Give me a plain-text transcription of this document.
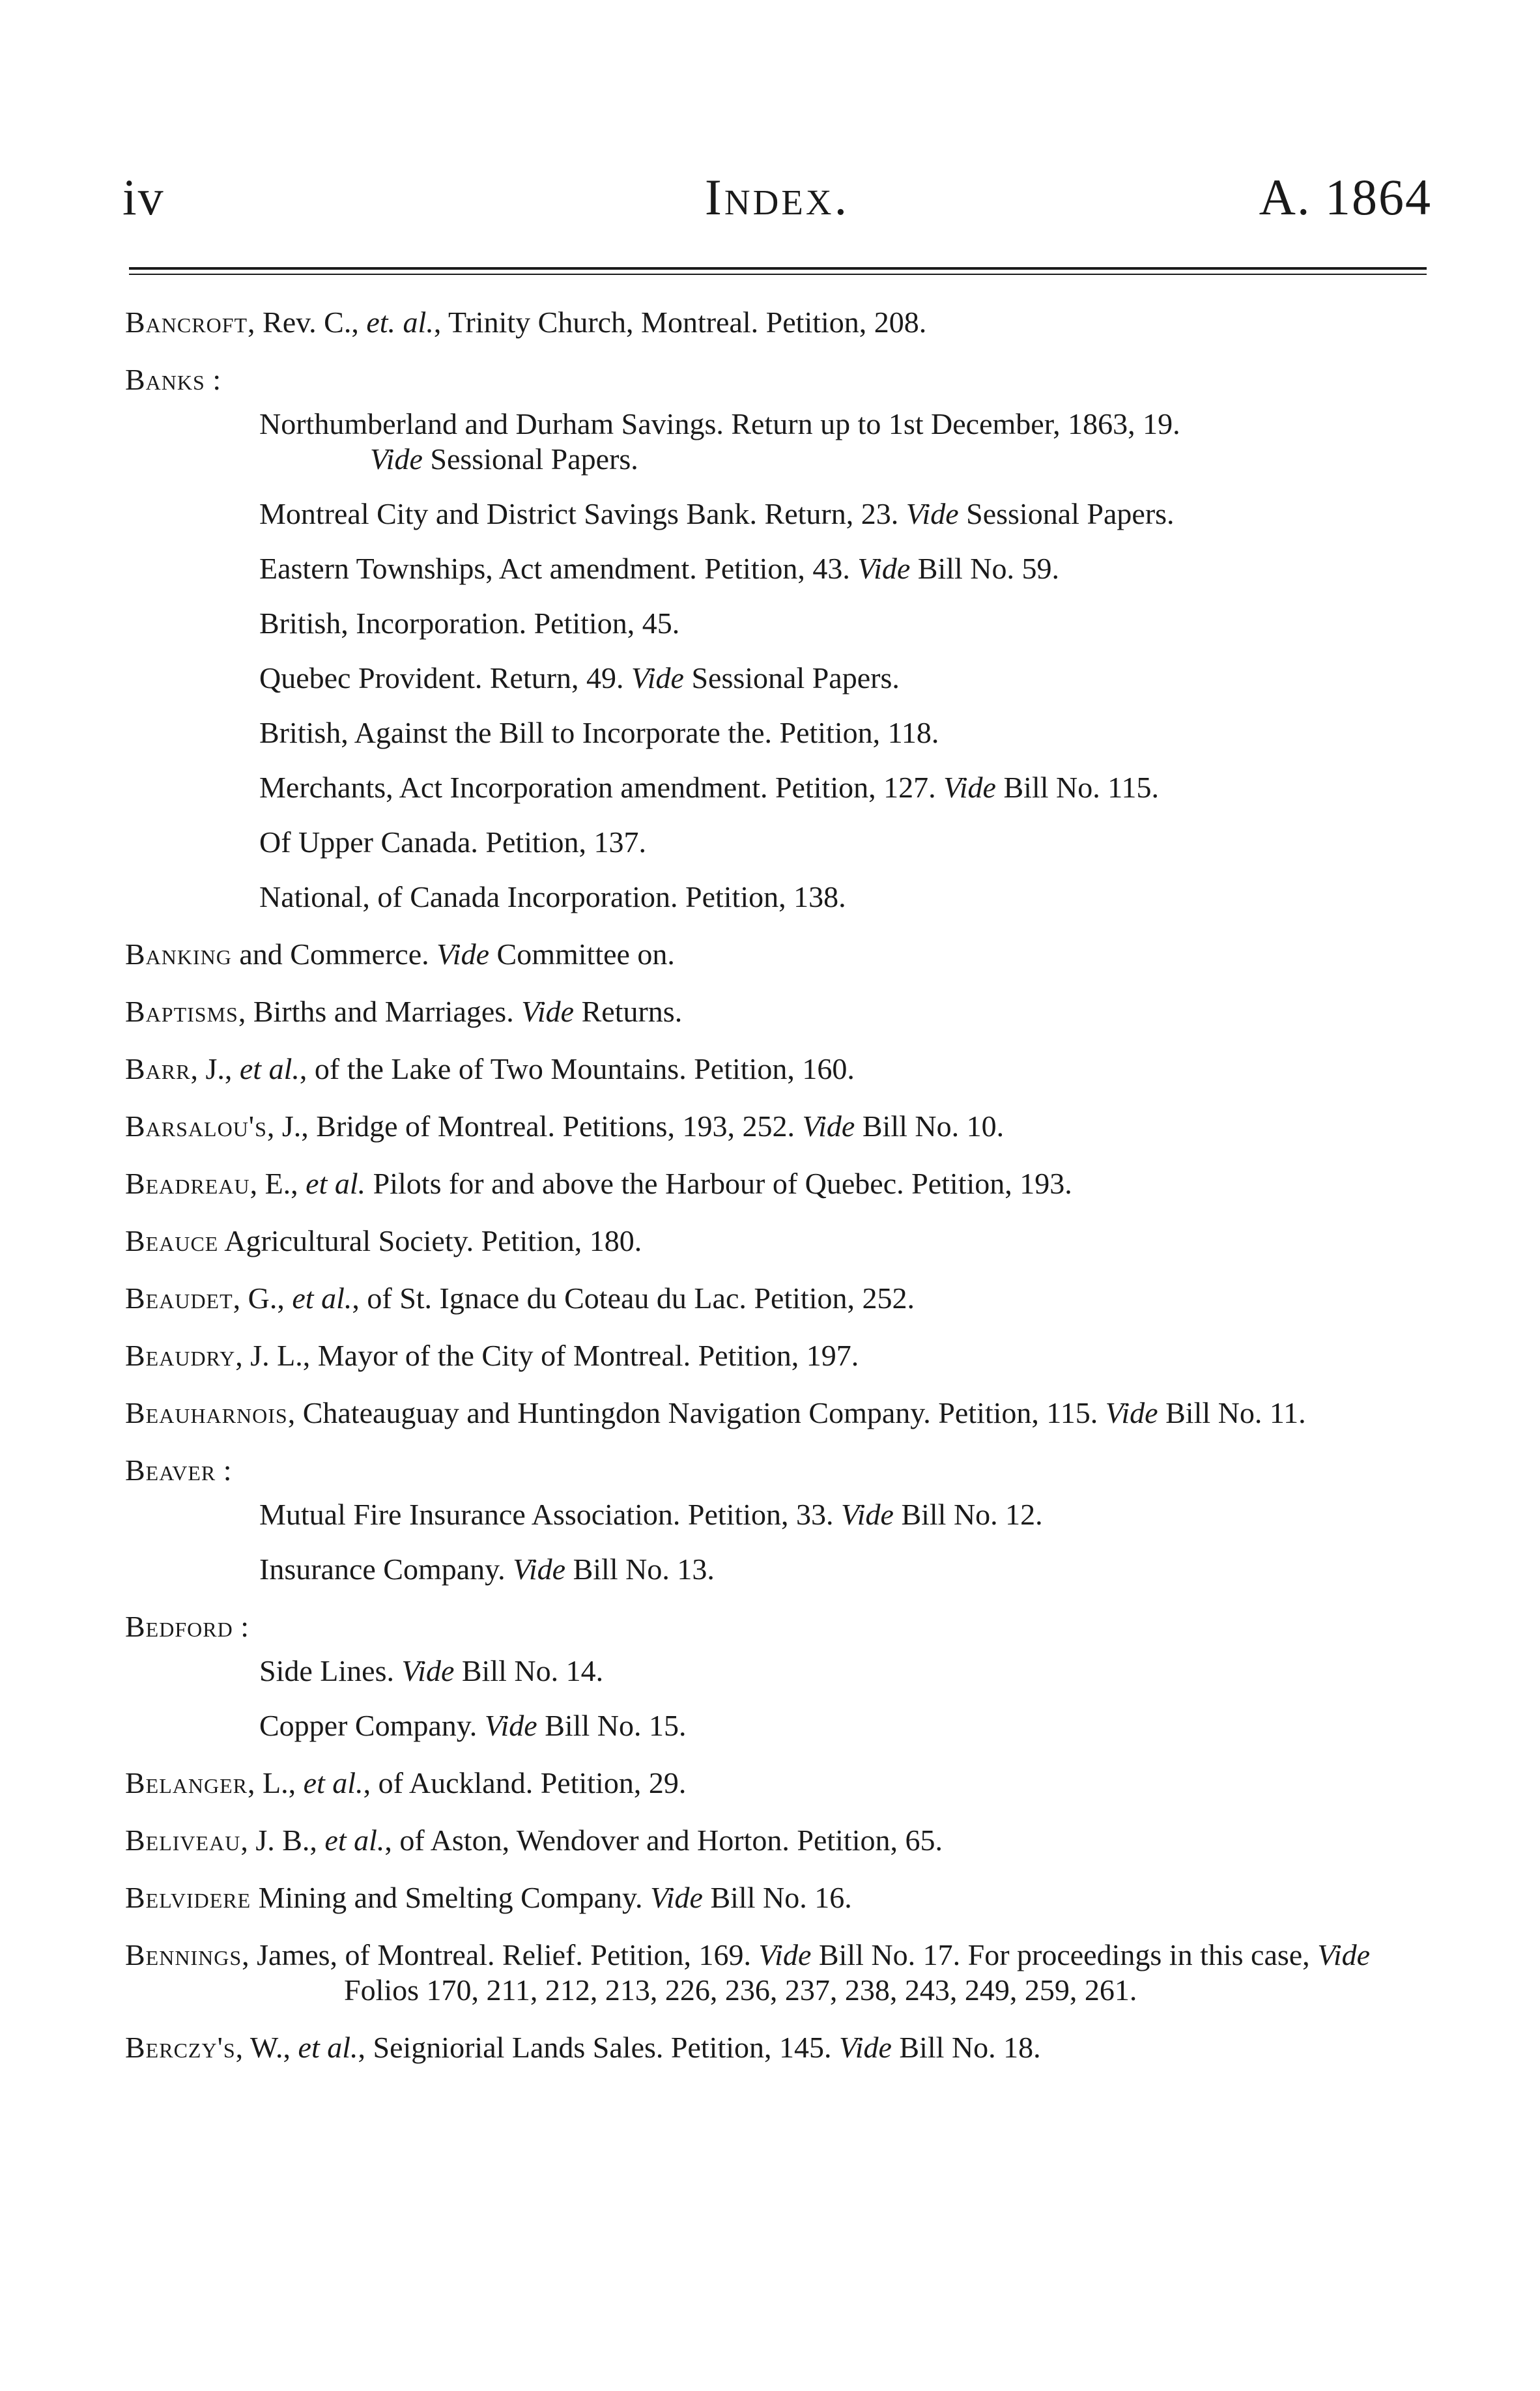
Index.
iv	A. 1864
Bancroft, Rev. C., et. al., Trinity Church, Montreal. Petition, 208.
Banks :
Northumberland and Durham Savings. Return up to 1st December, 1863, 19.
Vide Sessional Papers.
Montreal City and District Savings Bank. Return, 23. Vide Sessional Papers.
Eastern Townships, Act amendment. Petition, 43. Vide Bill No. 59.
British, Incorporation. Petition, 45.
Quebec Provident. Return, 49. Vide Sessional Papers.
British, Against the Bill to Incorporate the. Petition, 118.
Merchants, Act Incorporation amendment. Petition, 127. Vide Bill No. 115.
Of Upper Canada. Petition, 137.
National, of Canada Incorporation. Petition, 138.
Banking and Commerce. Vide Committee on.
Baptisms, Births and Marriages. Vide Returns.
Barr, J., et al., of the Lake of Two Mountains. Petition, 160.
Barsalou's, J., Bridge of Montreal. Petitions, 193, 252. Vide Bill No. 10.
Beadreau, E., et al. Pilots for and above the Harbour of Quebec. Petition, 193.
Beauce Agricultural Society. Petition, 180.
Beaudet, G., et al., of St. Ignace du Coteau du Lac. Petition, 252.
Beaudry, J. L., Mayor of the City of Montreal. Petition, 197.
Beauharnois, Chateauguay and Huntingdon Navigation Company. Petition, 115. Vide Bill No. 11.
Beaver :
Mutual Fire Insurance Association. Petition, 33. Vide Bill No. 12.
Insurance Company. Vide Bill No. 13.
Bedford :
Side Lines. Vide Bill No. 14.
Copper Company. Vide Bill No. 15.
Belanger, L., et al., of Auckland. Petition, 29.
Beliveau, J. B., et al., of Aston, Wendover and Horton. Petition, 65.
Belvidere Mining and Smelting Company. Vide Bill No. 16.
Bennings, James, of Montreal. Relief. Petition, 169. Vide Bill No. 17. For proceedings in this case, Vide Folios 170, 211, 212, 213, 226, 236, 237, 238, 243, 249, 259, 261.
Berczy's, W., et al., Seigniorial Lands Sales. Petition, 145. Vide Bill No. 18.
